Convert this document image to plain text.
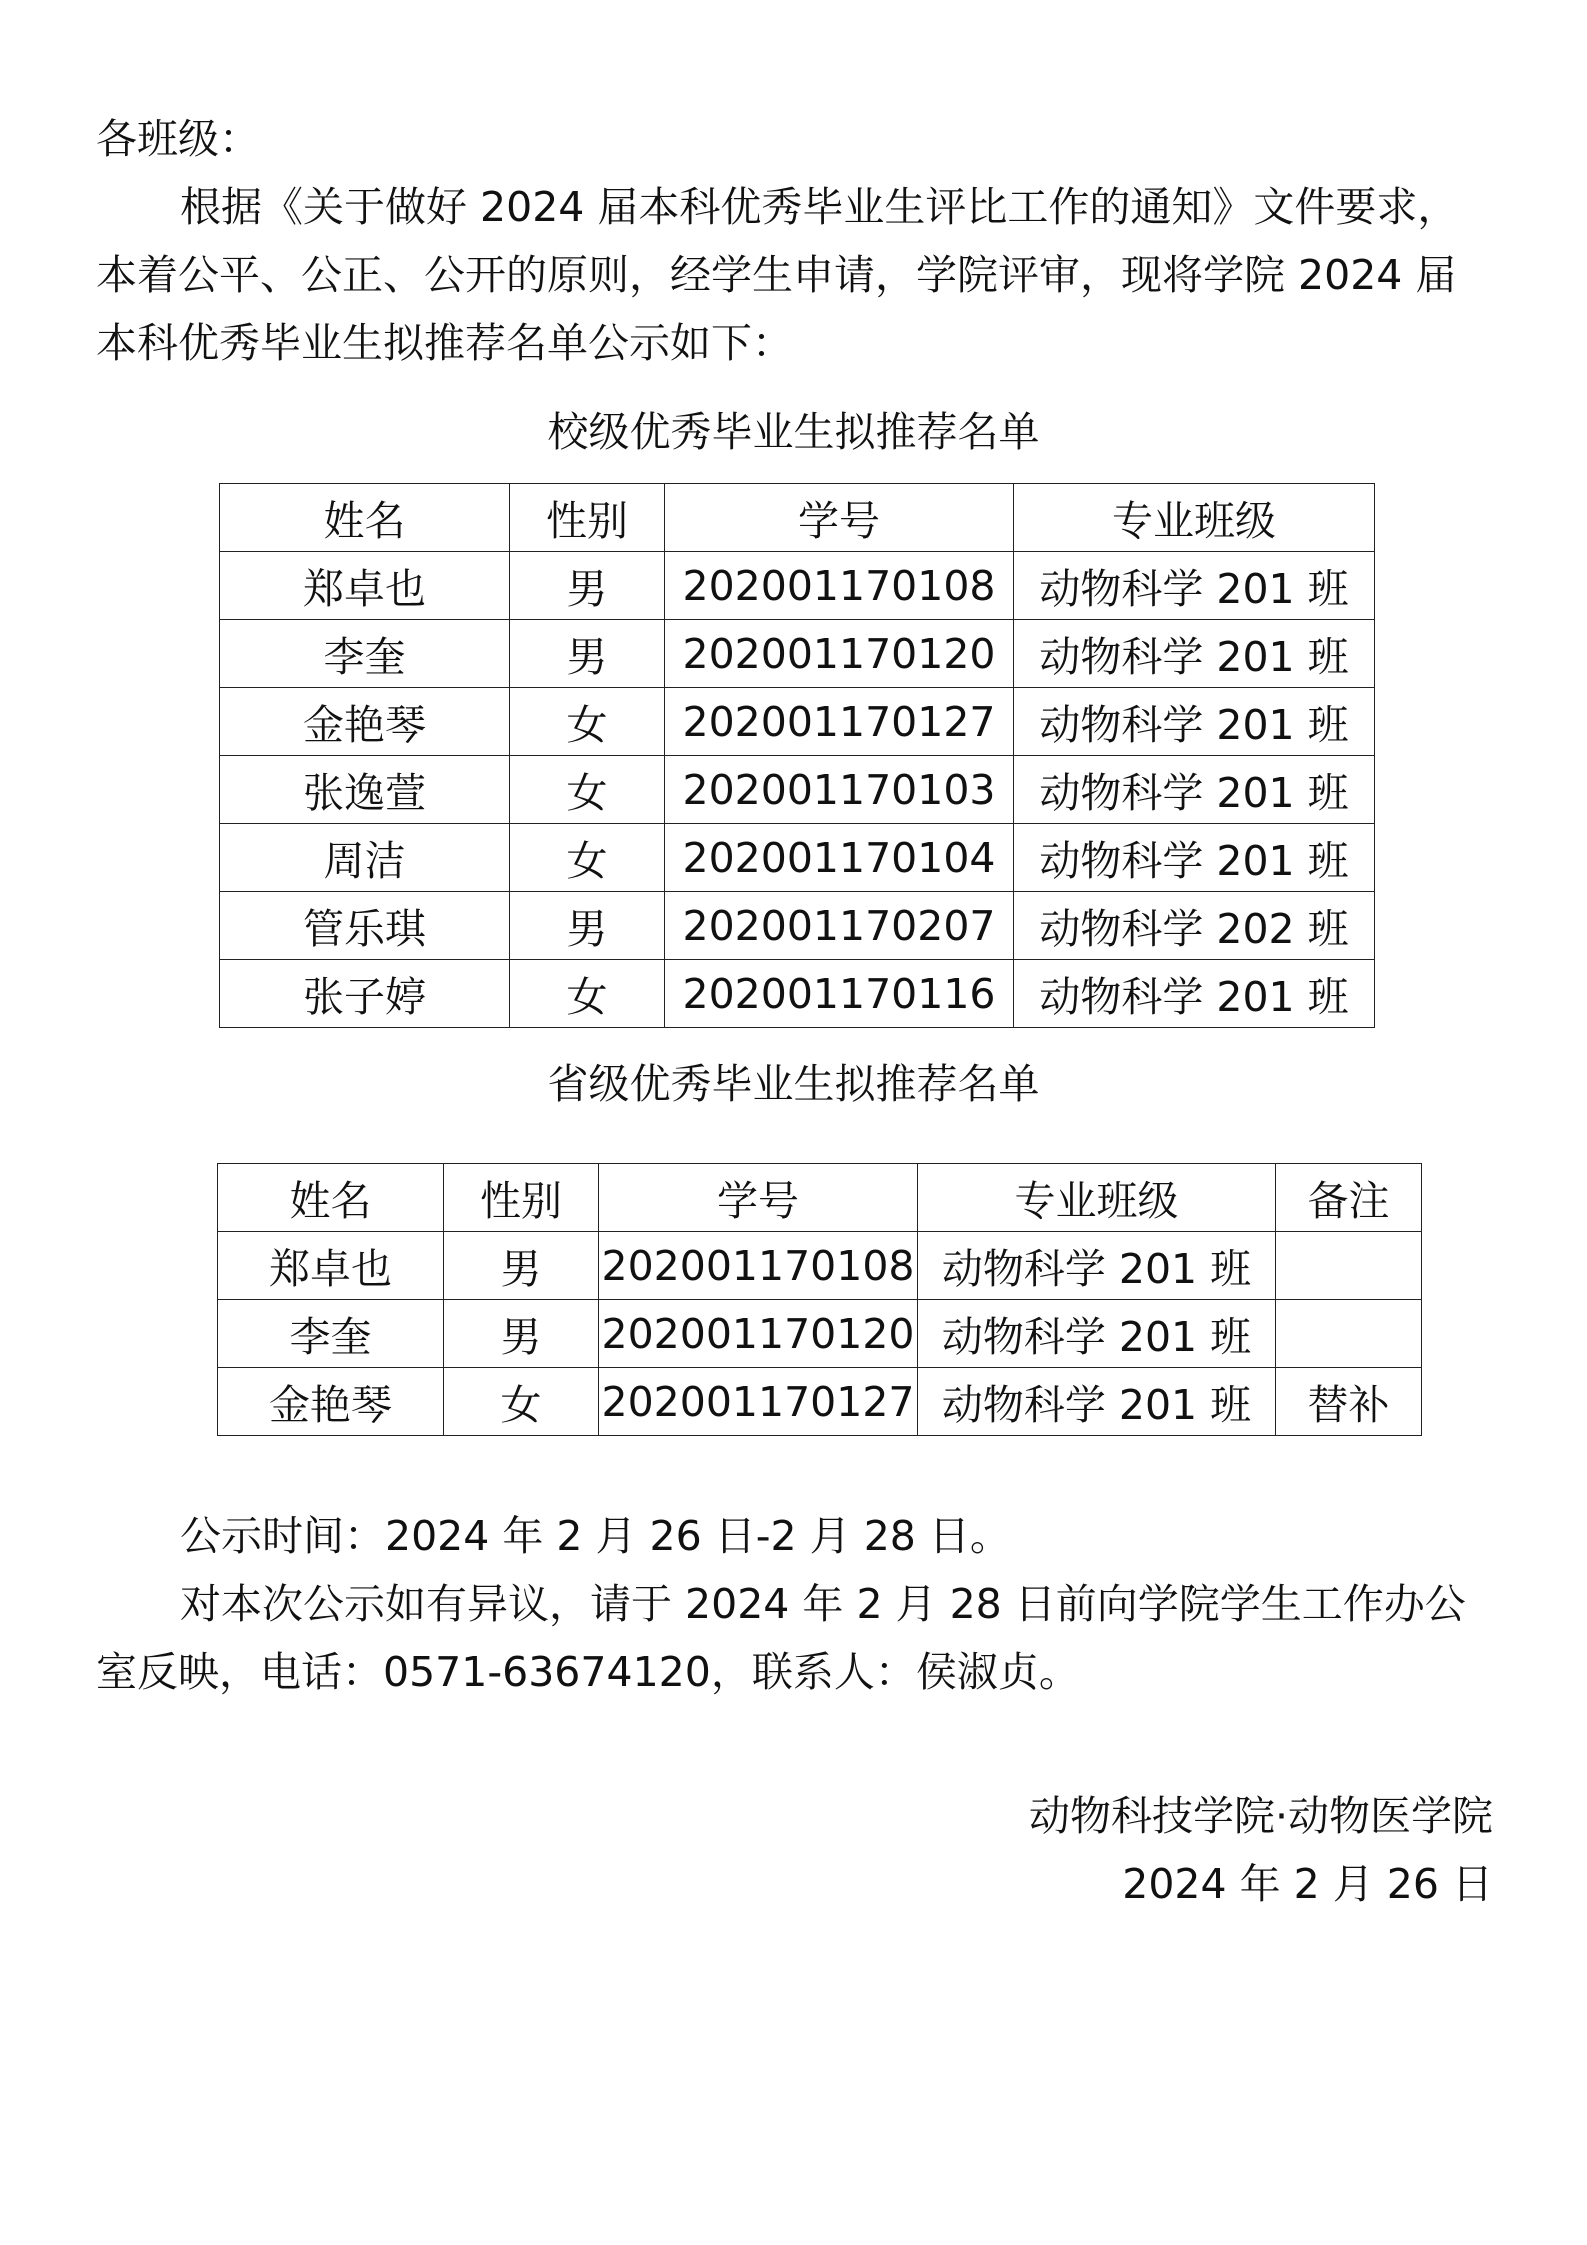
各班级：

根据《关于做好 2024 届本科优秀毕业生评比工作的通知》文件要求，
本着公平、公正、公开的原则，经学生申请，学院评审，现将学院 2024 届
本科优秀毕业生拟推荐名单公示如下：

校级优秀毕业生拟推荐名单

姓名	性别	学号	专业班级
郑卓也	男	202001170108	动物科学 201 班
李奎	男	202001170120	动物科学 201 班
金艳琴	女	202001170127	动物科学 201 班
张逸萱	女	202001170103	动物科学 201 班
周洁	女	202001170104	动物科学 201 班
管乐琪	男	202001170207	动物科学 202 班
张子婷	女	202001170116	动物科学 201 班

省级优秀毕业生拟推荐名单

姓名	性别	学号	专业班级	备注
郑卓也	男	202001170108	动物科学 201 班	
李奎	男	202001170120	动物科学 201 班	
金艳琴	女	202001170127	动物科学 201 班	替补

公示时间：2024 年 2 月 26 日-2 月 28 日。

对本次公示如有异议，请于 2024 年 2 月 28 日前向学院学生工作办公
室反映，电话：0571-63674120，联系人：侯淑贞。

动物科技学院·动物医学院

2024 年 2 月 26 日
